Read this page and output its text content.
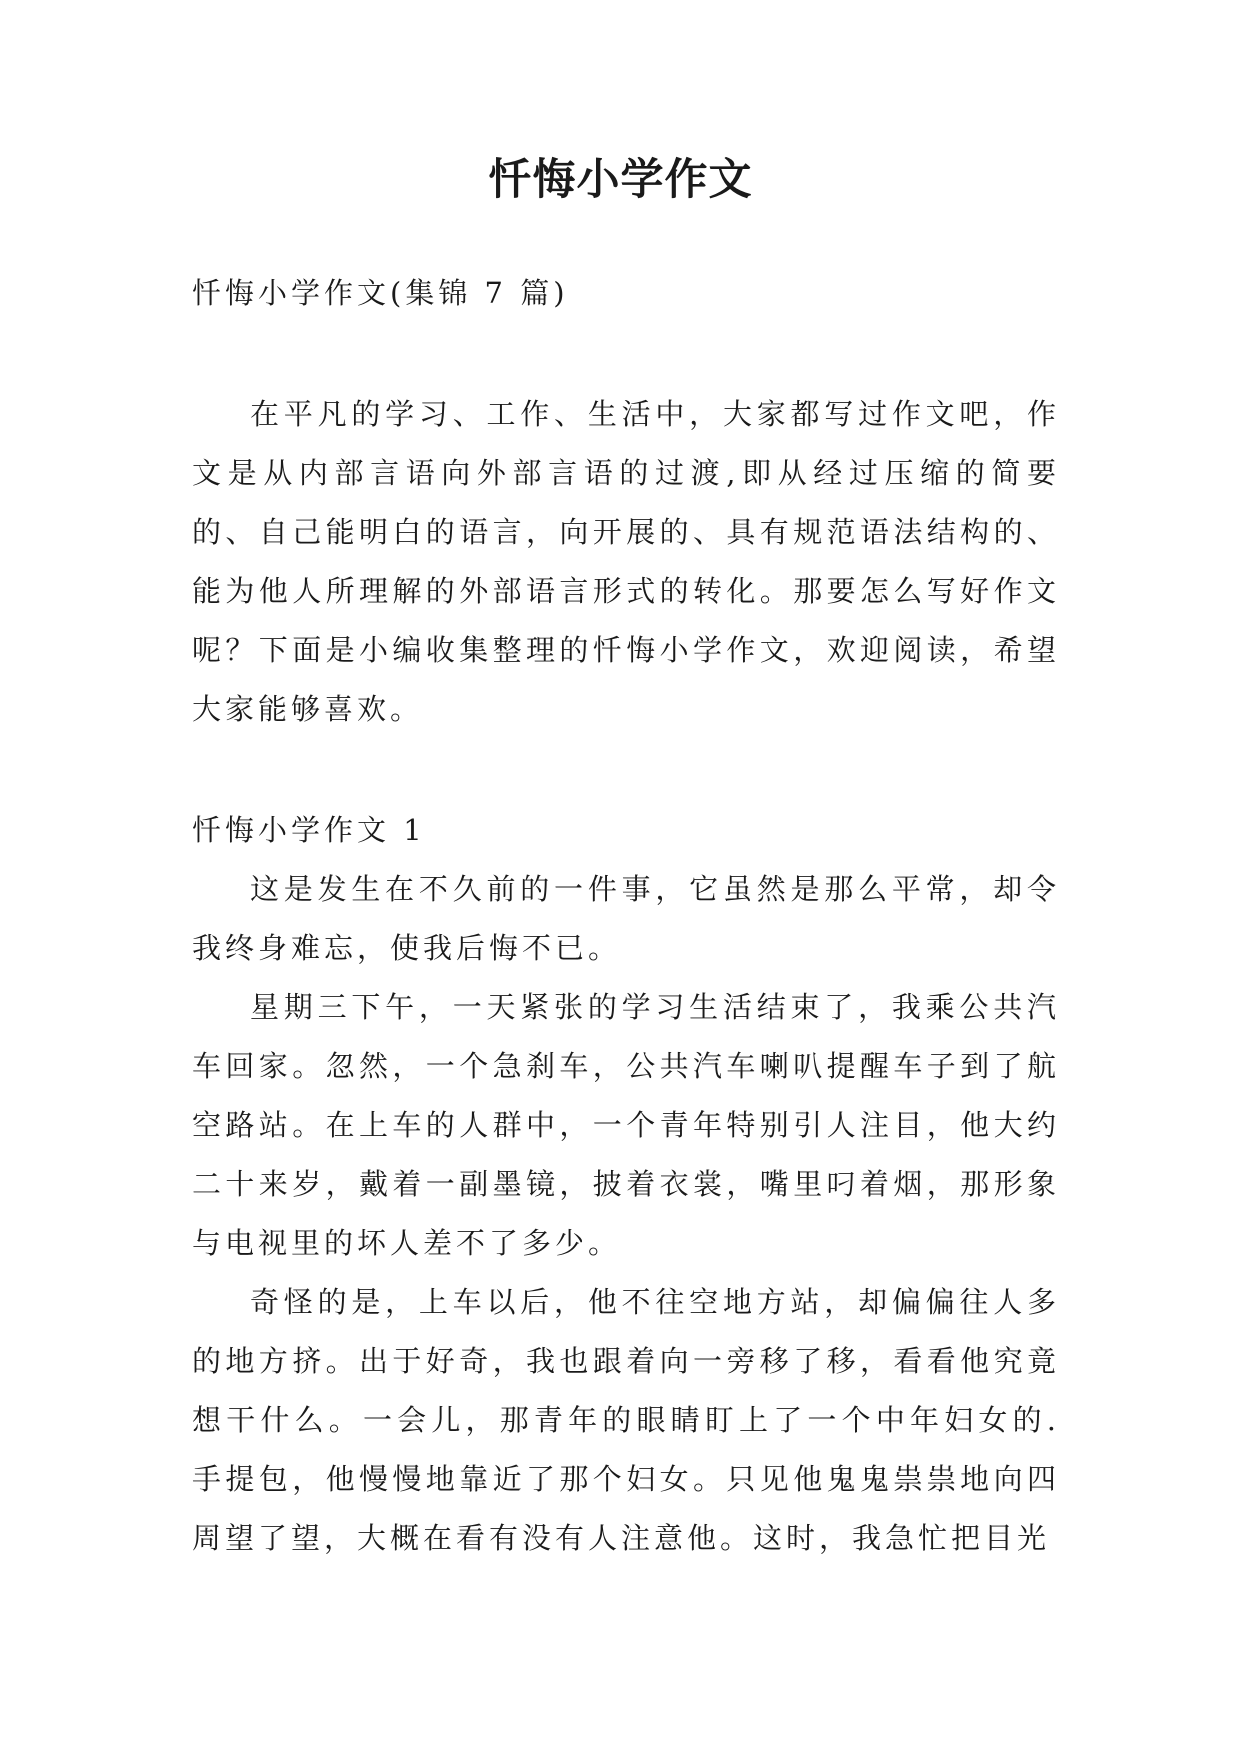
忏悔小学作文

忏悔小学作文(集锦 7 篇)

在平凡的学习、工作、生活中，大家都写过作文吧，作文是从内部言语向外部言语的过渡,即从经过压缩的简要的、自己能明白的语言，向开展的、具有规范语法结构的、能为他人所理解的外部语言形式的转化。那要怎么写好作文呢？下面是小编收集整理的忏悔小学作文，欢迎阅读，希望大家能够喜欢。

忏悔小学作文 1

这是发生在不久前的一件事，它虽然是那么平常，却令我终身难忘，使我后悔不已。

星期三下午，一天紧张的学习生活结束了，我乘公共汽车回家。忽然，一个急刹车，公共汽车喇叭提醒车子到了航空路站。在上车的人群中，一个青年特别引人注目，他大约二十来岁，戴着一副墨镜，披着衣裳，嘴里叼着烟，那形象与电视里的坏人差不了多少。

奇怪的是，上车以后，他不往空地方站，却偏偏往人多的地方挤。出于好奇，我也跟着向一旁移了移，看看他究竟想干什么。一会儿，那青年的眼睛盯上了一个中年妇女的.手提包，他慢慢地靠近了那个妇女。只见他鬼鬼祟祟地向四周望了望，大概在看有没有人注意他。这时，我急忙把目光
